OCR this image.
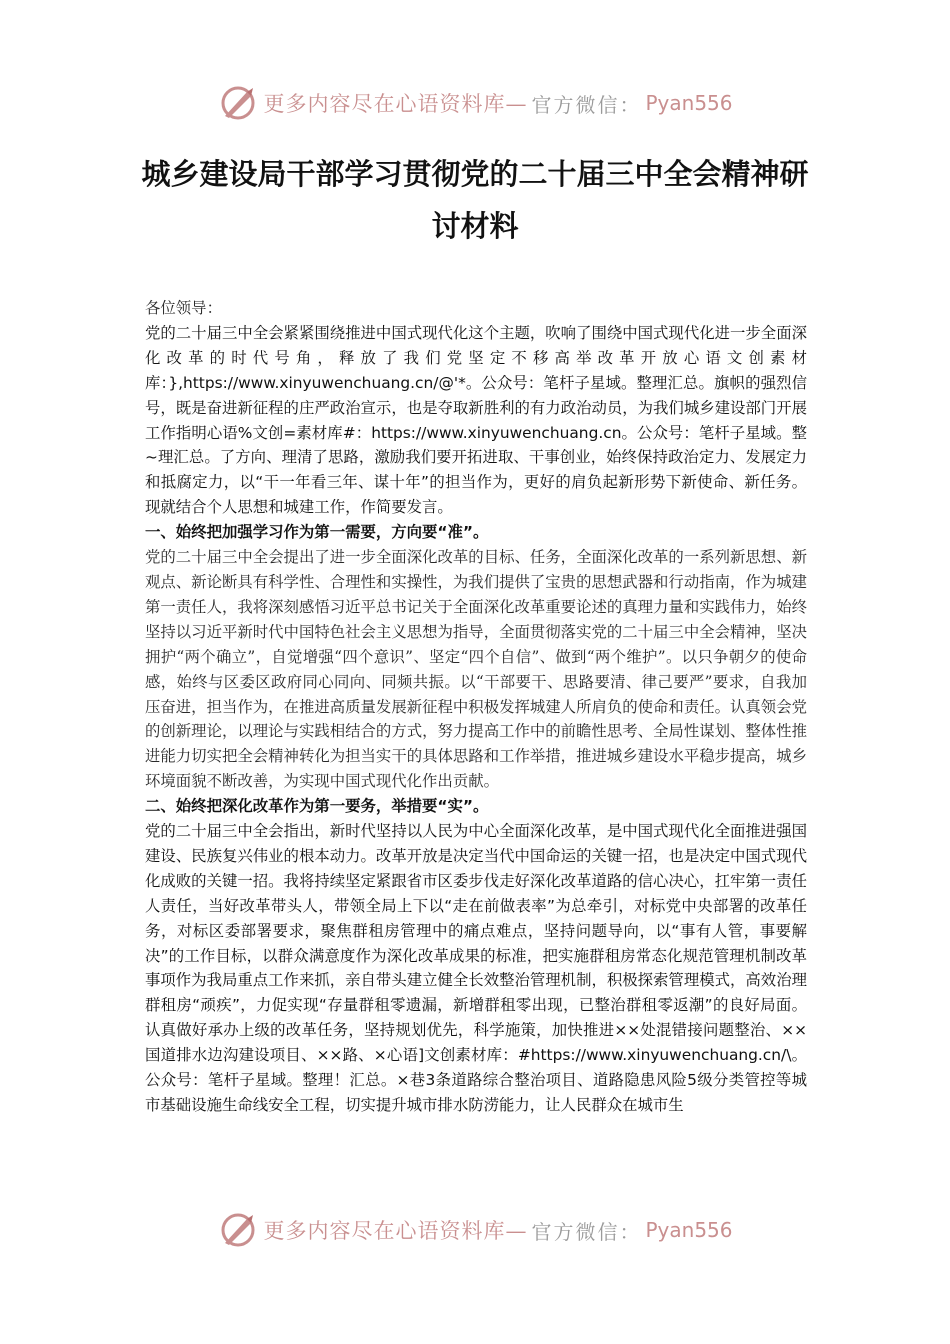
更多内容尽在心语资料库— 官方微信： Pyan556
城乡建设局干部学习贯彻党的二十届三中全会精神研讨材料

各位领导：

党的二十届三中全会紧紧围绕推进中国式现代化这个主题，吹响了围绕中国式现代化进一步全面深化改革的时代号角，释放了我们党坚定不移高举改革开放心语文创素材库：},https://www.xinyuwenchuang.cn/@'*。公众号：笔杆子星域。整理汇总。旗帜的强烈信号，既是奋进新征程的庄严政治宣示，也是夺取新胜利的有力政治动员，为我们城乡建设部门开展工作指明心语%文创=素材库#：https://www.xinyuwenchuang.cn。公众号：笔杆子星域。整~理汇总。了方向、理清了思路，激励我们要开拓进取、干事创业，始终保持政治定力、发展定力和抵腐定力，以“干一年看三年、谋十年”的担当作为，更好的肩负起新形势下新使命、新任务。现就结合个人思想和城建工作，作简要发言。

一、始终把加强学习作为第一需要，方向要“准”。

党的二十届三中全会提出了进一步全面深化改革的目标、任务，全面深化改革的一系列新思想、新观点、新论断具有科学性、合理性和实操性，为我们提供了宝贵的思想武器和行动指南，作为城建第一责任人，我将深刻感悟习近平总书记关于全面深化改革重要论述的真理力量和实践伟力，始终坚持以习近平新时代中国特色社会主义思想为指导，全面贯彻落实党的二十届三中全会精神，坚决拥护“两个确立”，自觉增强“四个意识”、坚定“四个自信”、做到“两个维护”。以只争朝夕的使命感，始终与区委区政府同心同向、同频共振。以“干部要干、思路要清、律己要严”要求，自我加压奋进，担当作为，在推进高质量发展新征程中积极发挥城建人所肩负的使命和责任。认真领会党的创新理论，以理论与实践相结合的方式，努力提高工作中的前瞻性思考、全局性谋划、整体性推进能力切实把全会精神转化为担当实干的具体思路和工作举措，推进城乡建设水平稳步提高，城乡环境面貌不断改善，为实现中国式现代化作出贡献。

二、始终把深化改革作为第一要务，举措要“实”。

党的二十届三中全会指出，新时代坚持以人民为中心全面深化改革，是中国式现代化全面推进强国建设、民族复兴伟业的根本动力。改革开放是决定当代中国命运的关键一招，也是决定中国式现代化成败的关键一招。我将持续坚定紧跟省市区委步伐走好深化改革道路的信心决心，扛牢第一责任人责任，当好改革带头人，带领全局上下以“走在前做表率”为总牵引，对标党中央部署的改革任务，对标区委部署要求，聚焦群租房管理中的痛点难点，坚持问题导向，以“事有人管，事要解决”的工作目标，以群众满意度作为深化改革成果的标准，把实施群租房常态化规范管理机制改革事项作为我局重点工作来抓，亲自带头建立健全长效整治管理机制，积极探索管理模式，高效治理群租房“顽疾”，力促实现“存量群租零遗漏，新增群租零出现，已整治群租零返潮”的良好局面。认真做好承办上级的改革任务，坚持规划优先，科学施策，加快推进××处混错接问题整治、××国道排水边沟建设项目、××路、×心语]文创素材库：#https://www.xinyuwenchuang.cn/\。公众号：笔杆子星域。整理！汇总。×巷3条道路综合整治项目、道路隐患风险5级分类管控等城市基础设施生命线安全工程，切实提升城市排水防涝能力，让人民群众在城市生

更多内容尽在心语资料库— 官方微信： Pyan556
